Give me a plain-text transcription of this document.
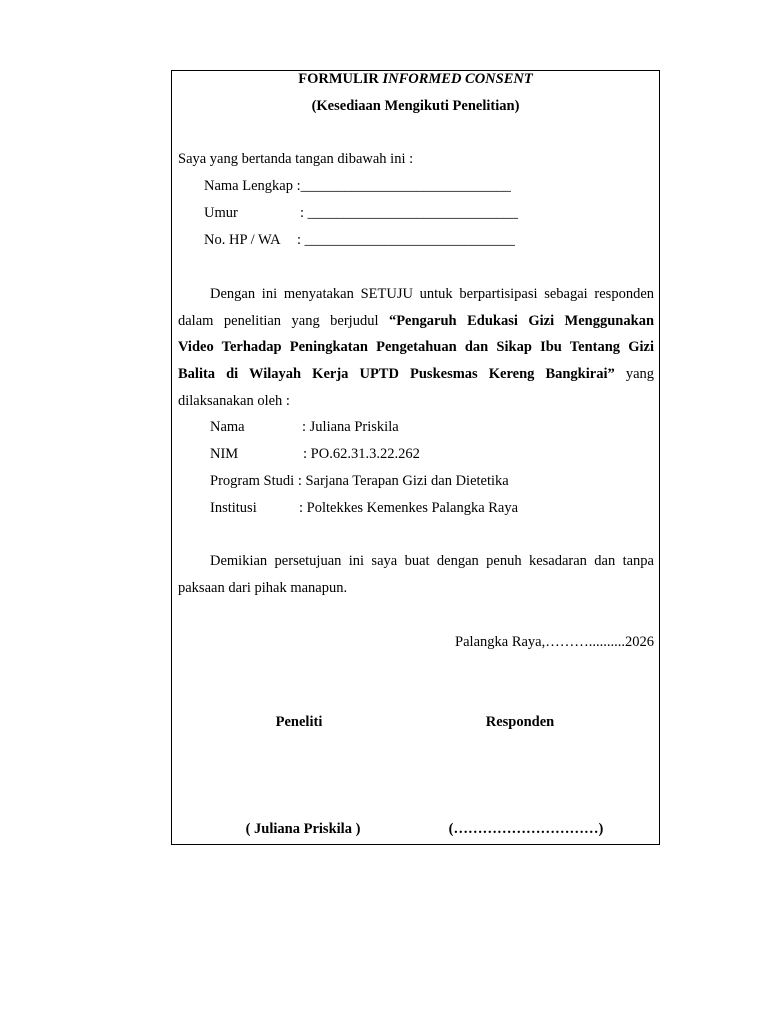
FORMULIR INFORMED CONSENT
(Kesediaan Mengikuti Penelitian)
Saya yang bertanda tangan dibawah ini :
Nama Lengkap :_____________________________
Umur	: _____________________________
No. HP / WA : _____________________________
Dengan ini menyatakan SETUJU untuk berpartisipasi sebagai responden
dalam penelitian yang berjudul “Pengaruh Edukasi Gizi Menggunakan
Video Terhadap Peningkatan Pengetahuan dan Sikap Ibu Tentang Gizi
Balita di Wilayah Kerja UPTD Puskesmas Kereng Bangkirai” yang
dilaksanakan oleh :
Nama	: Juliana Priskila
NIM	: PO.62.31.3.22.262
Program Studi : Sarjana Terapan Gizi dan Dietetika
Institusi	: Poltekkes Kemenkes Palangka Raya
Demikian persetujuan ini saya buat dengan penuh kesadaran dan tanpa
paksaan dari pihak manapun.
Palangka Raya,………..........2026
Peneliti	Responden
( Juliana Priskila )	(…………………………)
